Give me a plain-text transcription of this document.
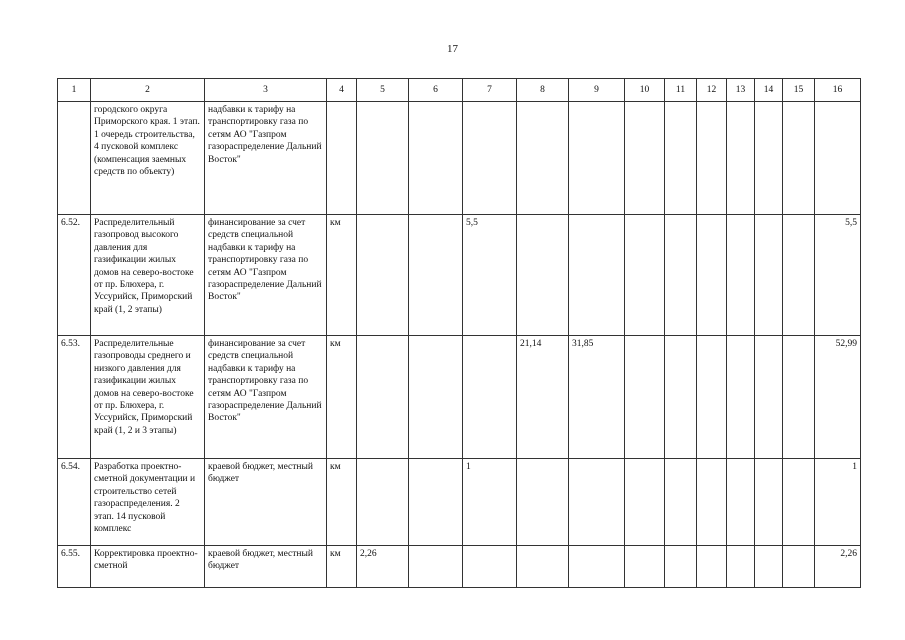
17
1	2	3	4	5	6	7	8	9	10	11	12	13	14	15	16
	городского округа Приморского края. 1 этап. 1 очередь строительства, 4 пусковой комплекс (компенсация заемных средств по объекту)	надбавки к тарифу на транспортировку газа по сетям АО "Газпром газораспределение Дальний Восток"													
6.52.	Распределительный газопровод высокого давления для газификации жилых домов на северо-востоке от пр. Блюхера, г. Уссурийск, Приморский край (1, 2 этапы)	финансирование за счет средств специальной надбавки к тарифу на транспортировку газа по сетям АО "Газпром газораспределение Дальний Восток"	км			5,5									5,5
6.53.	Распределительные газопроводы среднего и низкого давления для газификации жилых домов на северо-востоке от пр. Блюхера, г. Уссурийск, Приморский край (1, 2 и 3 этапы)	финансирование за счет средств специальной надбавки к тарифу на транспортировку газа по сетям АО "Газпром газораспределение Дальний Восток"	км				21,14	31,85							52,99
6.54.	Разработка проектно-сметной документации и строительство сетей газораспределения. 2 этап. 14 пусковой комплекс	краевой бюджет, местный бюджет	км			1									1
6.55.	Корректировка проектно-сметной	краевой бюджет, местный бюджет	км	2,26											2,26
